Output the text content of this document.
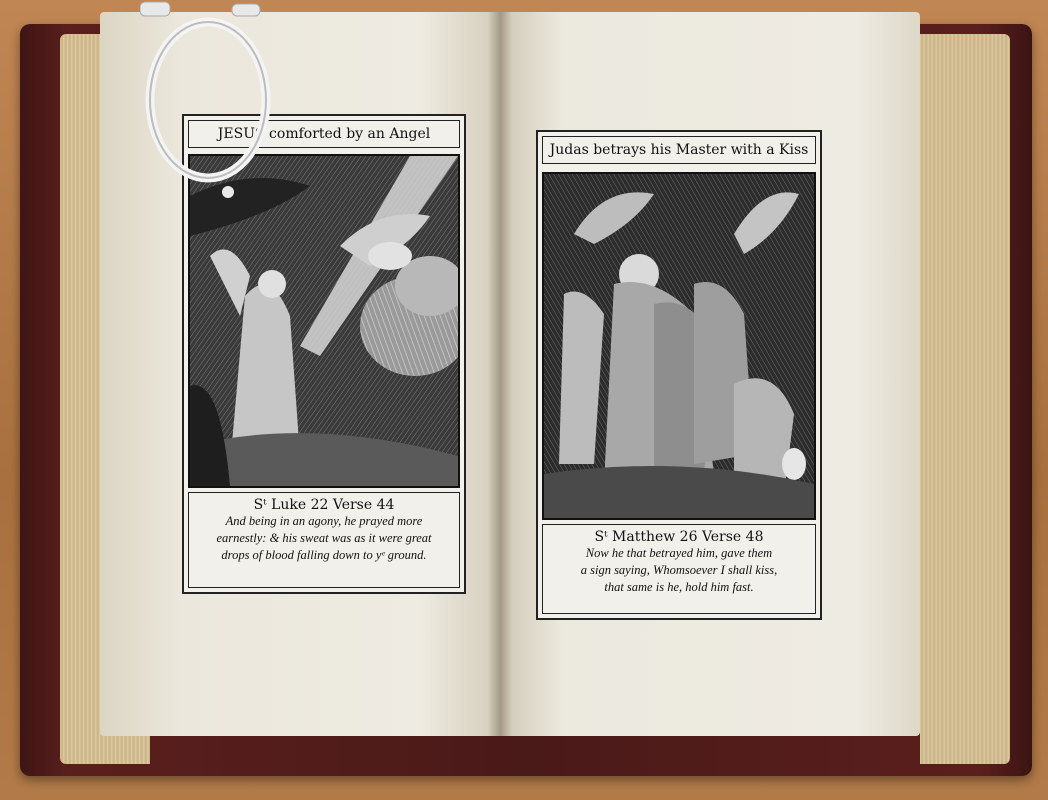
JESUS comforted by an Angel
Sᵗ Luke 22 Verse 44
And being in an agony, he prayed more
earnestly: & his sweat was as it were great
drops of blood falling down to yᵉ ground.
Judas betrays his Master with a Kiss
Sᵗ Matthew 26 Verse 48
Now he that betrayed him, gave them
a sign saying, Whomsoever I shall kiss,
that same is he, hold him fast.
